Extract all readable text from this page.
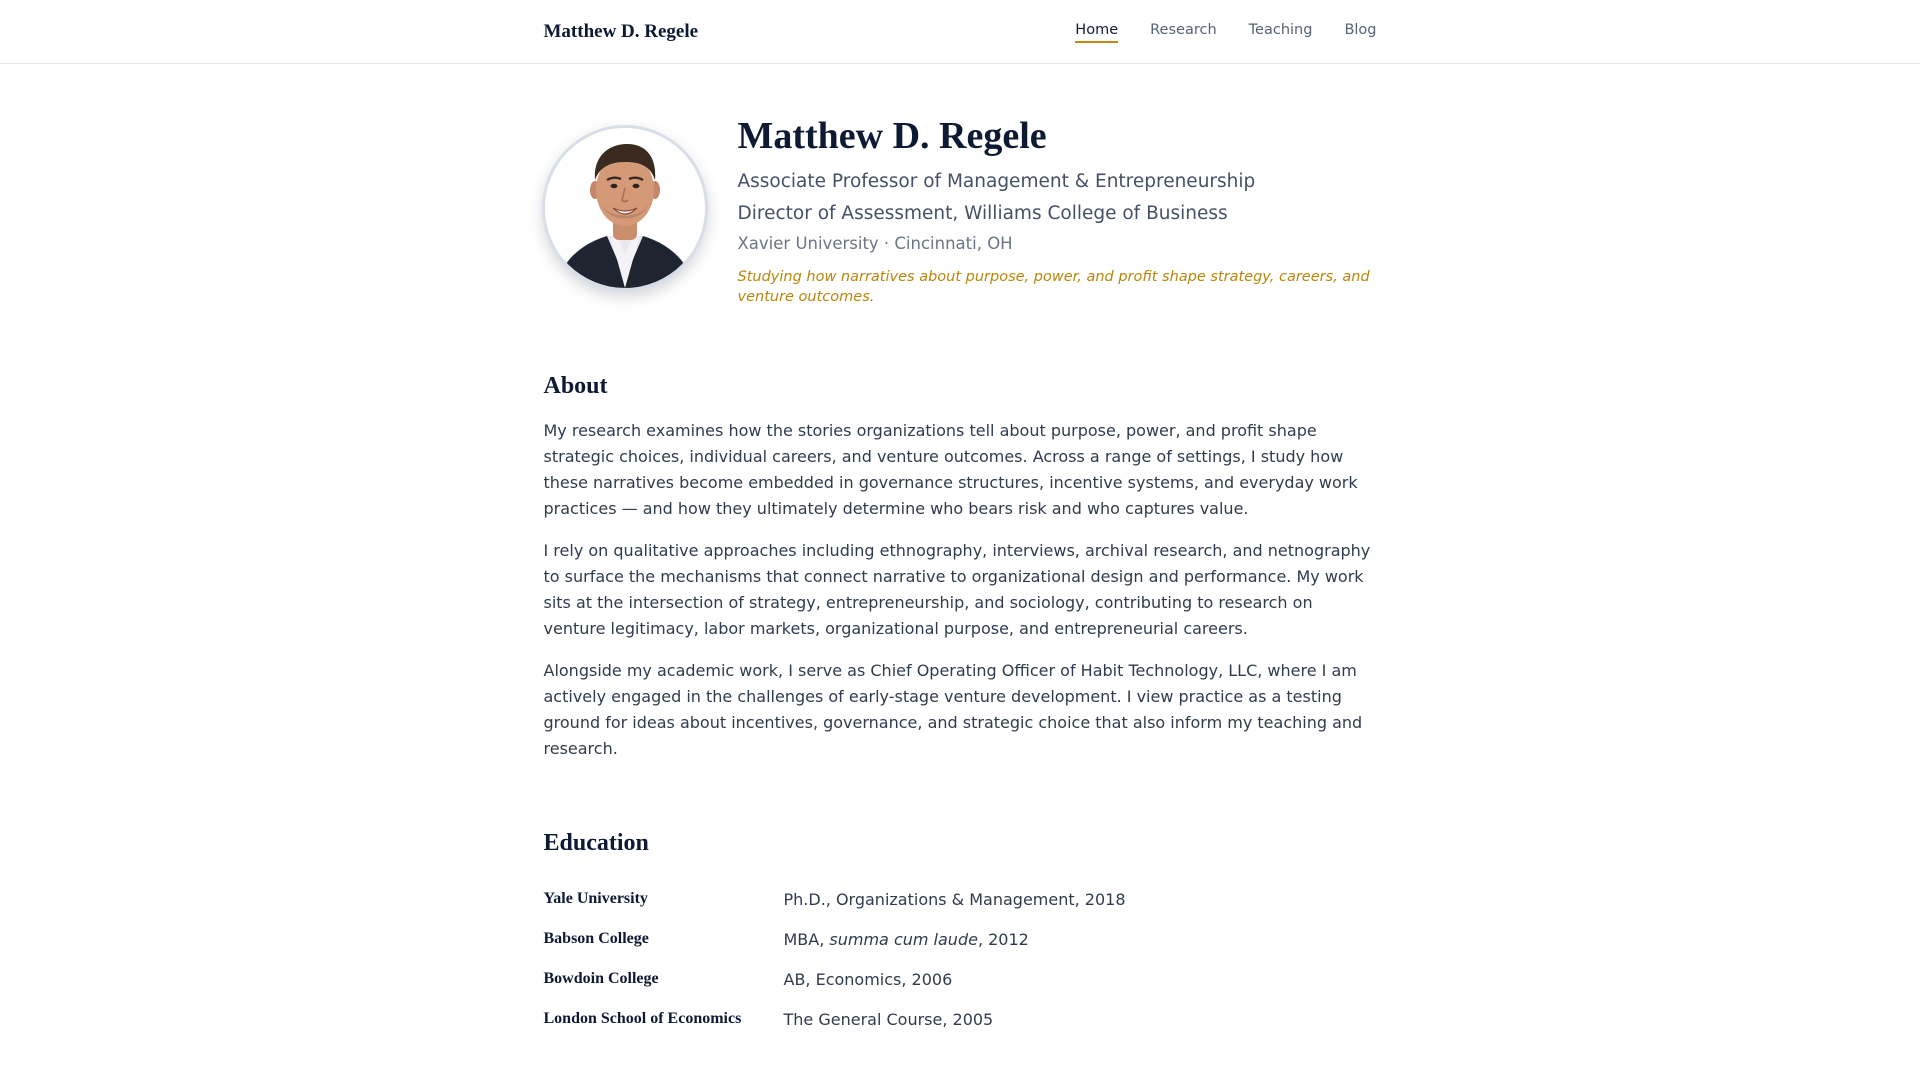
Matthew D. Regele	Home Research Teaching Blog
Matthew D. Regele
Associate Professor of Management & Entrepreneurship
Director of Assessment, Williams College of Business
Xavier University · Cincinnati, OH
Studying how narratives about purpose, power, and profit shape strategy, careers, and venture outcomes.
About

My research examines how the stories organizations tell about purpose, power, and profit shape strategic choices, individual careers, and venture outcomes. Across a range of settings, I study how these narratives become embedded in governance structures, incentive systems, and everyday work practices — and how they ultimately determine who bears risk and who captures value.

I rely on qualitative approaches including ethnography, interviews, archival research, and netnography to surface the mechanisms that connect narrative to organizational design and performance. My work sits at the intersection of strategy, entrepreneurship, and sociology, contributing to research on venture legitimacy, labor markets, organizational purpose, and entrepreneurial careers.

Alongside my academic work, I serve as Chief Operating Officer of Habit Technology, LLC, where I am actively engaged in the challenges of early-stage venture development. I view practice as a testing ground for ideas about incentives, governance, and strategic choice that also inform my teaching and research.

Education
Yale University	Ph.D., Organizations & Management, 2018
Babson College	MBA, summa cum laude, 2012
Bowdoin College	AB, Economics, 2006
London School of Economics	The General Course, 2005
